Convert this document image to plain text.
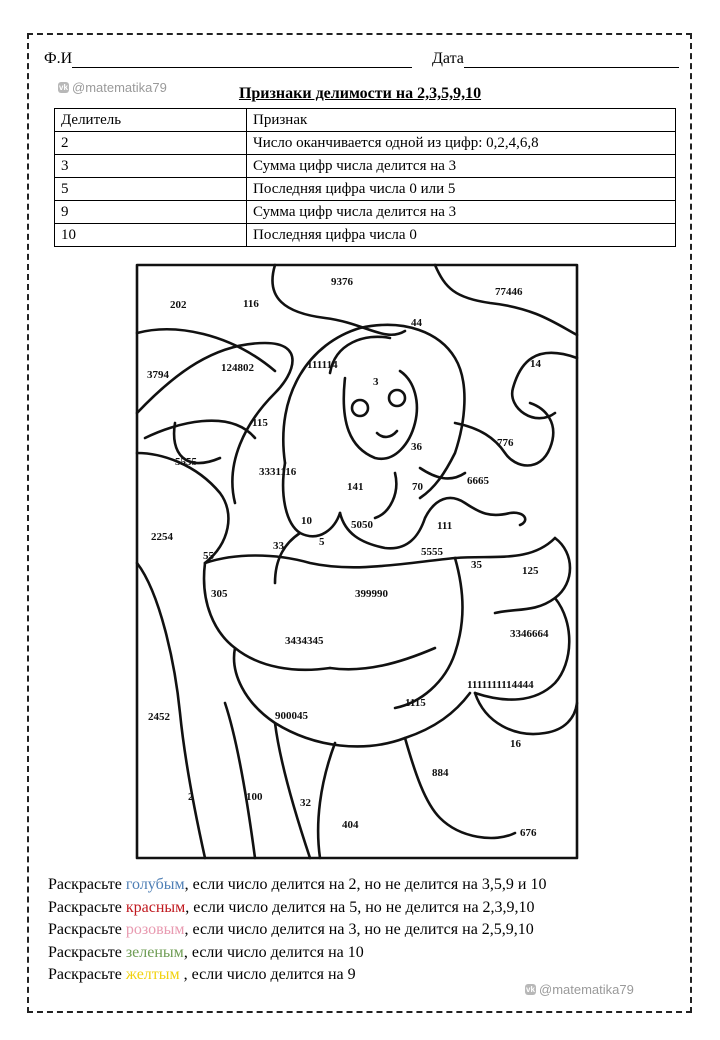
Ф.И	Дата
vk @matematika79	Признаки делимости на 2,3,5,9,10
Делитель	Признак
2	Число оканчивается одной из цифр: 0,2,4,6,8
3	Сумма цифр числа делится на 3
5	Последняя цифра числа 0 или 5
9	Сумма цифр числа делится на 3
10	Последняя цифра числа 0
202	116
9376
77446
44
3794
124802	111114
3
14
115
36	776
5555
3331116
141	70	6665
10	5050	111
2254
55
33	5
5555
35	125
305	399990
3434345
3346664
1111111114444
2452	900045
1115
16
884
2	100	32
404
676
Раскрасьте голубым, если число делится на 2, но не делится на 3,5,9 и 10
Раскрасьте красным, если число делится на 5, но не делится на 2,3,9,10
Раскрасьте розовым, если число делится на 3, но не делится на 2,5,9,10
Раскрасьте зеленым, если число делится на 10
Раскрасьте желтым , если число делится на 9
vk @matematika79
